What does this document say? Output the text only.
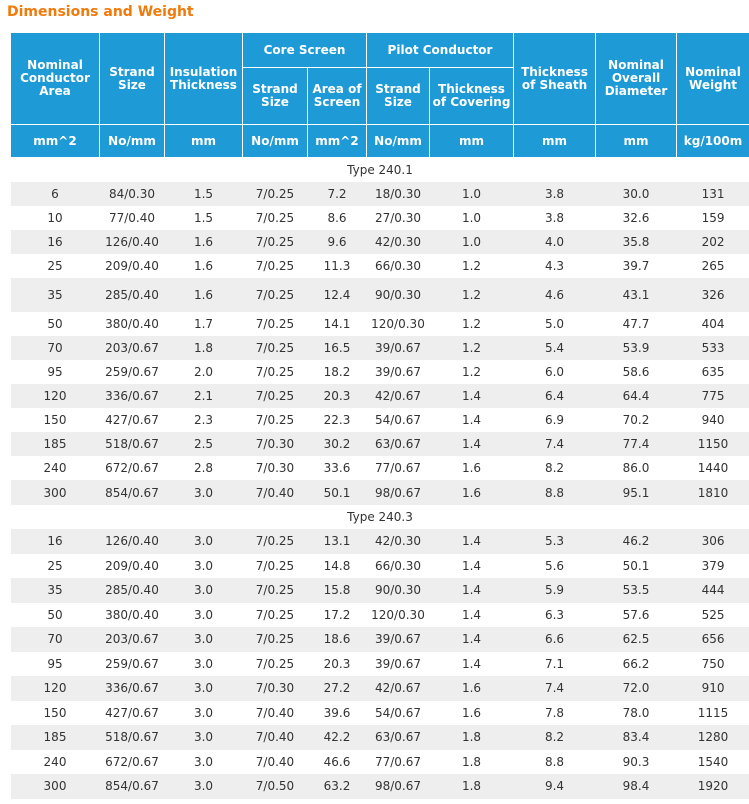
Dimensions and Weight
Nominal Conductor Area	Strand Size	Insulation Thickness	Core Screen		Pilot Conductor		Thickness of Sheath	Nominal Overall Diameter	Nominal Weight
			Strand Size	Area of Screen	Strand Size	Thickness of Covering			
mm^2	No/mm	mm	No/mm	mm^2	No/mm	mm	mm	mm	kg/100m
Type 240.1									
6	84/0.30	1.5	7/0.25	7.2	18/0.30	1.0	3.8	30.0	131
10	77/0.40	1.5	7/0.25	8.6	27/0.30	1.0	3.8	32.6	159
16	126/0.40	1.6	7/0.25	9.6	42/0.30	1.0	4.0	35.8	202
25	209/0.40	1.6	7/0.25	11.3	66/0.30	1.2	4.3	39.7	265
35	285/0.40	1.6	7/0.25	12.4	90/0.30	1.2	4.6	43.1	326
50	380/0.40	1.7	7/0.25	14.1	120/0.30	1.2	5.0	47.7	404
70	203/0.67	1.8	7/0.25	16.5	39/0.67	1.2	5.4	53.9	533
95	259/0.67	2.0	7/0.25	18.2	39/0.67	1.2	6.0	58.6	635
120	336/0.67	2.1	7/0.25	20.3	42/0.67	1.4	6.4	64.4	775
150	427/0.67	2.3	7/0.25	22.3	54/0.67	1.4	6.9	70.2	940
185	518/0.67	2.5	7/0.30	30.2	63/0.67	1.4	7.4	77.4	1150
240	672/0.67	2.8	7/0.30	33.6	77/0.67	1.6	8.2	86.0	1440
300	854/0.67	3.0	7/0.40	50.1	98/0.67	1.6	8.8	95.1	1810
Type 240.3									
16	126/0.40	3.0	7/0.25	13.1	42/0.30	1.4	5.3	46.2	306
25	209/0.40	3.0	7/0.25	14.8	66/0.30	1.4	5.6	50.1	379
35	285/0.40	3.0	7/0.25	15.8	90/0.30	1.4	5.9	53.5	444
50	380/0.40	3.0	7/0.25	17.2	120/0.30	1.4	6.3	57.6	525
70	203/0.67	3.0	7/0.25	18.6	39/0.67	1.4	6.6	62.5	656
95	259/0.67	3.0	7/0.25	20.3	39/0.67	1.4	7.1	66.2	750
120	336/0.67	3.0	7/0.30	27.2	42/0.67	1.6	7.4	72.0	910
150	427/0.67	3.0	7/0.40	39.6	54/0.67	1.6	7.8	78.0	1115
185	518/0.67	3.0	7/0.40	42.2	63/0.67	1.8	8.2	83.4	1280
240	672/0.67	3.0	7/0.40	46.6	77/0.67	1.8	8.8	90.3	1540
300	854/0.67	3.0	7/0.50	63.2	98/0.67	1.8	9.4	98.4	1920
